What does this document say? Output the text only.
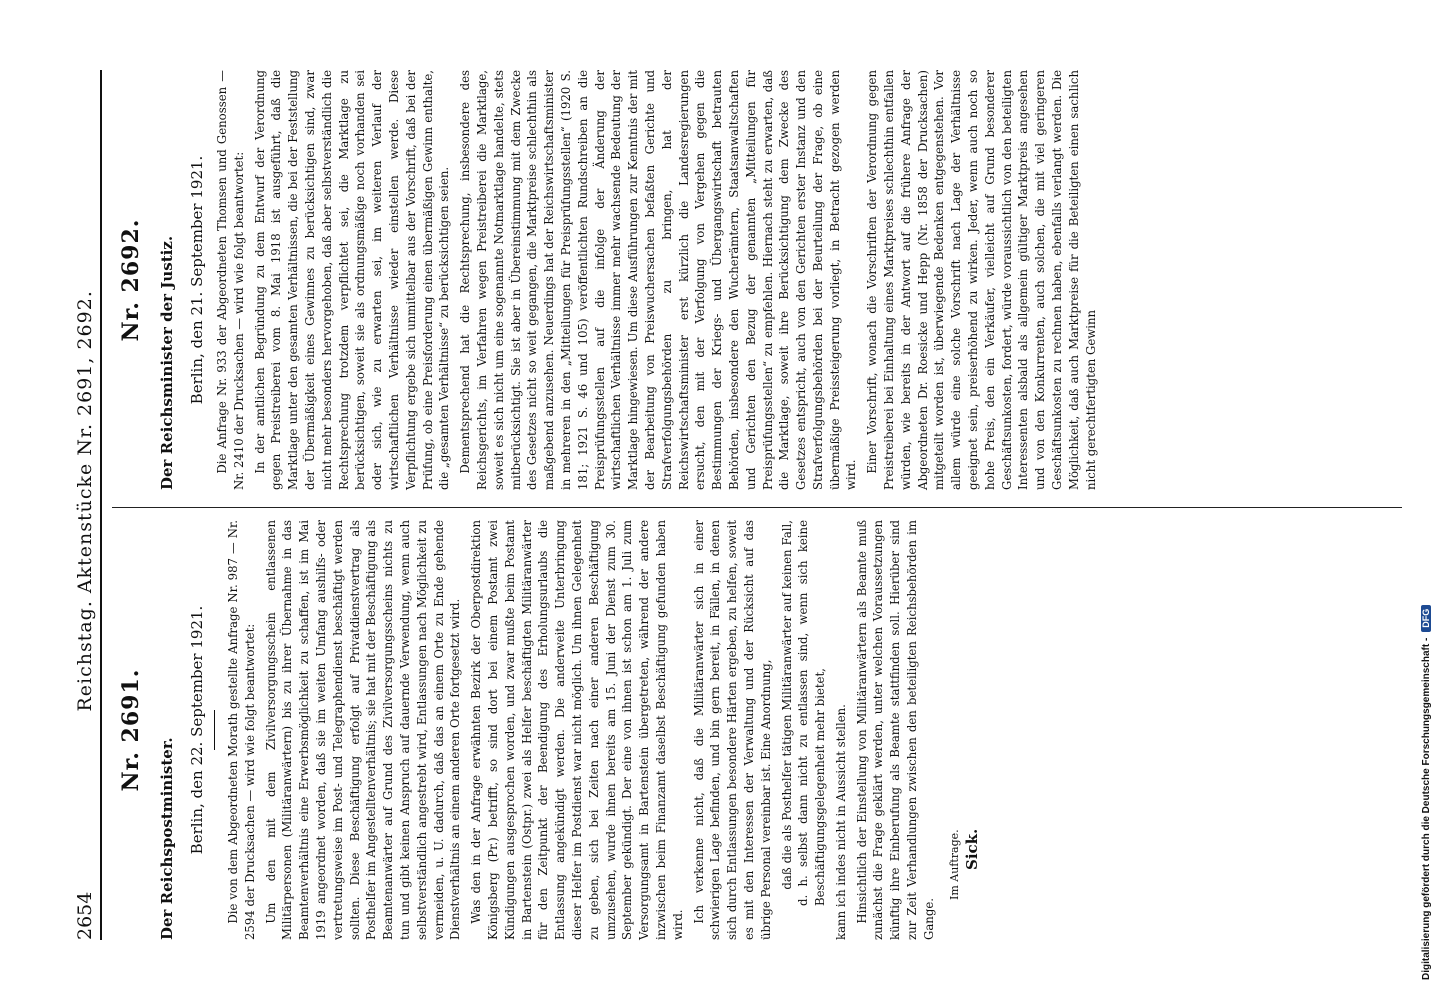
2654
Reichstag. Aktenstücke Nr. 2691, 2692.
Nr. 2691.
Der Reichspostminister. Berlin, den 22. September 1921. Die von dem Abgeordneten Morath gestellte Anfrage Nr. 987 — Nr. 2594 der Drucksachen — wird wie folgt beantwortet: Um den mit dem Zivilversorgungsschein entlassenen Militärpersonen (Militäranwärtern) bis zu ihrer Übernahme in das Beamtenverhältnis eine Erwerbsmöglichkeit zu schaffen, ist im Mai 1919 angeordnet worden, daß sie im weiten Umfang aushilfs- oder vertretungsweise im Post- und Telegraphendienst beschäftigt werden sollten. Diese Beschäftigung erfolgt auf Privatdienstvertrag als Posthelfer im Angestelltenverhältnis; sie hat mit der Beschäftigung als Beamtenanwärter auf Grund des Zivilversorgungsscheins nichts zu tun und gibt keinen Anspruch auf dauernde Verwendung, wenn auch selbstverständlich angestrebt wird, Entlassungen nach Möglichkeit zu vermeiden, u. U. dadurch, daß das an einem Orte zu Ende gehende Dienstverhältnis an einem anderen Orte fortgesetzt wird. Was den in der Anfrage erwähnten Bezirk der Oberpostdirektion Königsberg (Pr.) betrifft, so sind dort bei einem Postamt zwei Kündigungen ausgesprochen worden, und zwar mußte beim Postamt in Bartenstein (Ostpr.) zwei als Helfer beschäftigten Militäranwärter für den Zeitpunkt der Beendigung des Erholungsurlaubs die Entlassung angekündigt werden. Die anderweite Unterbringung dieser Helfer im Postdienst war nicht möglich. Um ihnen Gelegenheit zu geben, sich bei Zeiten nach einer anderen Beschäftigung umzusehen, wurde ihnen bereits am 15. Juni der Dienst zum 30. September gekündigt. Der eine von ihnen ist schon am 1. Juli zum Versorgungsamt in Bartenstein übergetreten, während der andere inzwischen beim Finanzamt daselbst Beschäftigung gefunden haben wird.

Ich verkenne nicht, daß die Militäranwärter sich in einer schwierigen Lage befinden, und bin gern bereit, in Fällen, in denen sich durch Entlassungen besondere Härten ergeben, zu helfen, soweit es mit den Interessen der Verwaltung und der Rücksicht auf das übrige Personal vereinbar ist. Eine Anordnung, daß die als Posthelfer tätigen Militäranwärter auf keinen Fall, d. h. selbst dann nicht zu entlassen sind, wenn sich keine Beschäftigungsgelegenheit mehr bietet, kann ich indes nicht in Aussicht stellen. Hinsichtlich der Einstellung von Militäranwärtern als Beamte muß zunächst die Frage geklärt werden, unter welchen Voraussetzungen künftig ihre Einberufung als Beamte stattfinden soll. Hierüber sind zur Zeit Verhandlungen zwischen den beteiligten Reichsbehörden im Gange.

Im Auftrage. Sick.
Nr. 2692. Der Reichsminister der Justiz. Berlin, den 21. September 1921. Die Anfrage Nr. 933 der Abgeordneten Thomsen und Genossen — Nr. 2410 der Drucksachen — wird wie folgt beantwortet: In der amtlichen Begründung zu dem Entwurf der Verordnung gegen Preistreiberei vom 8. Mai 1918 ist ausgeführt, daß die Marktlage unter den gesamten Verhältnissen, die bei der Feststellung der Übermäßigkeit eines Gewinnes zu berücksichtigen sind, zwar nicht mehr besonders hervorgehoben, daß aber selbstverständlich die Rechtsprechung trotzdem verpflichtet sei, die Marktlage zu berücksichtigen, soweit sie als ordnungsmäßige noch vorhanden sei oder sich, wie zu erwarten sei, im weiteren Verlauf der wirtschaftlichen Verhältnisse wieder einstellen werde. Diese Verpflichtung ergebe sich unmittelbar aus der Vorschrift, daß bei der Prüfung, ob eine Preisforderung einen übermäßigen Gewinn enthalte, die „gesamten Verhältnisse“ zu berücksichtigen seien. Dementsprechend hat die Rechtsprechung, insbesondere des Reichsgerichts, im Verfahren wegen Preistreiberei die Marktlage, soweit es sich nicht um eine sogenannte Notmarktlage handelte, stets mitberücksichtigt. Sie ist aber in Übereinstimmung mit dem Zwecke des Gesetzes nicht so weit gegangen, die Marktpreise schlechthin als maßgebend anzusehen. Neuerdings hat der Reichswirtschaftsminister in mehreren in den „Mitteilungen für Preisprüfungsstellen“ (1920 S. 181; 1921 S. 46 und 105) veröffentlichten Rundschreiben an die Preisprüfungsstellen auf die infolge der Änderung der wirtschaftlichen Verhältnisse immer mehr wachsende Bedeutung der Marktlage hingewiesen. Um diese Ausführungen zur Kenntnis der mit der Bearbeitung von Preiswuchersachen befaßten Gerichte und Strafverfolgungsbehörden zu bringen, hat der Reichswirtschaftsminister erst kürzlich die Landesregierungen ersucht, den mit der Verfolgung von Vergehen gegen die Bestimmungen der Kriegs- und Übergangswirtschaft betrauten Behörden, insbesondere den Wucherämtern, Staatsanwaltschaften und Gerichten den Bezug der genannten „Mitteilungen für Preisprüfungsstellen“ zu empfehlen. Hiernach steht zu erwarten, daß die Marktlage, soweit ihre Berücksichtigung dem Zwecke des Gesetzes entspricht, auch von den Gerichten erster Instanz und den Strafverfolgungsbehörden bei der Beurteilung der Frage, ob eine übermäßige Preissteigerung vorliegt, in Betracht gezogen werden wird.

Einer Vorschrift, wonach die Vorschriften der Verordnung gegen Preistreiberei bei Einhaltung eines Marktpreises schlechthin entfallen würden, wie bereits in der Antwort auf die frühere Anfrage der Abgeordneten Dr. Roesicke und Hepp (Nr. 1858 der Drucksachen) mitgeteilt worden ist, überwiegende Bedenken entgegenstehen. Vor allem würde eine solche Vorschrift nach Lage der Verhältnisse geeignet sein, preiserhöhend zu wirken. Jeder, wenn auch noch so hohe Preis, den ein Verkäufer, vielleicht auf Grund besonderer Geschäftsunkosten, fordert, würde voraussichtlich von den beteiligten Interessenten alsbald als allgemein gültiger Marktpreis angesehen und von den Konkurrenten, auch solchen, die mit viel geringeren Geschäftsunkosten zu rechnen haben, ebenfalls verlangt werden. Die Möglichkeit, daß auch Marktpreise für die Beteiligten einen sachlich nicht gerechtfertigten Gewinn

Digitalisierung gefördert durch die Deutsche Forschungsgemeinschaft -
DFG
